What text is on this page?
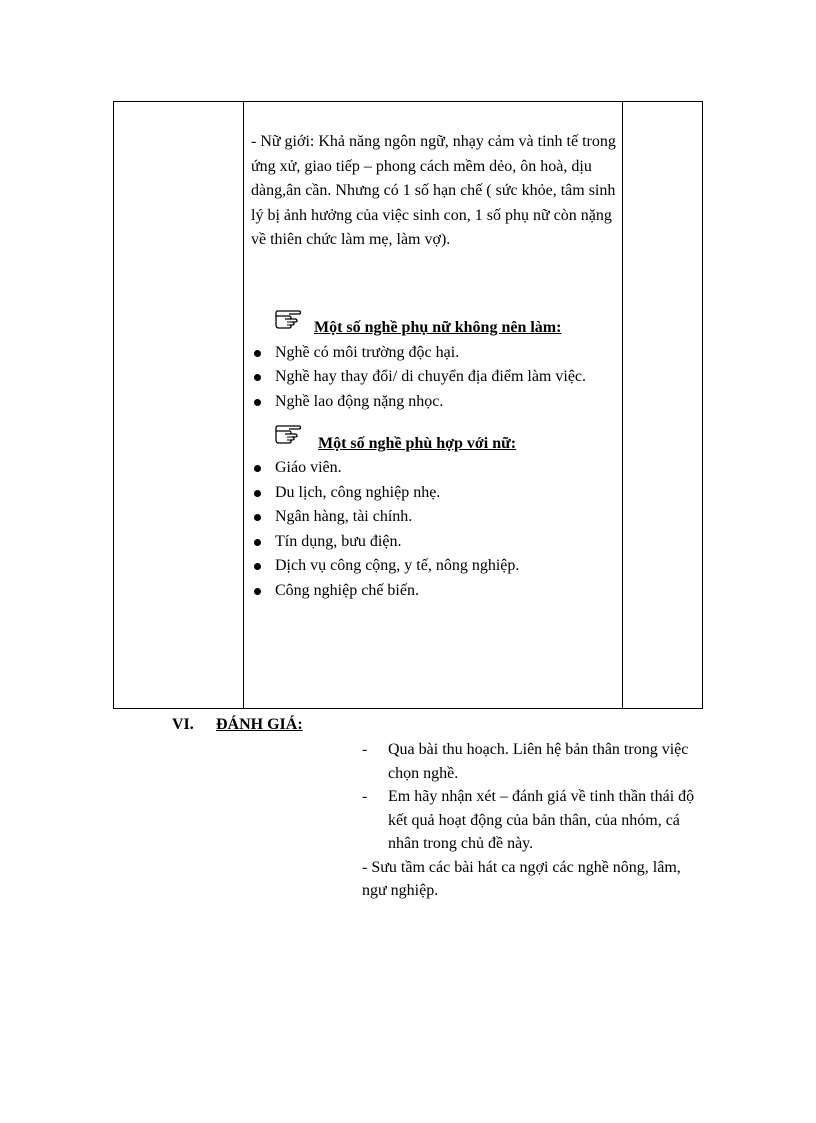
- Nữ giới: Khả năng ngôn ngữ, nhạy cảm và tinh tế trong ứng xử, giao tiếp – phong cách mềm dẻo, ôn hoà, dịu dàng,ân cần. Nhưng có 1 số hạn chế ( sức khỏe, tâm sinh lý bị ảnh hưởng của việc sinh con, 1 số phụ nữ còn nặng về thiên chức làm mẹ, làm vợ).

Một số nghề phụ nữ không nên làm:
Nghề có môi trường độc hại.
Nghề hay thay đổi/ di chuyển địa điểm làm việc.
Nghề lao động nặng nhọc.
Một số nghề phù hợp với nữ:
Giáo viên.
Du lịch, công nghiệp nhẹ.
Ngân hàng, tài chính.
Tín dụng, bưu điện.
Dịch vụ công cộng, y tế, nông nghiệp.
Công nghiệp chế biến.
VI. ĐÁNH GIÁ:
- Qua bài thu hoạch. Liên hệ bản thân trong việc chọn nghề.
- Em hãy nhận xét – đánh giá về tinh thần thái độ kết quả hoạt động của bản thân, của nhóm, cá nhân trong chủ đề này.
- Sưu tầm các bài hát ca ngợi các nghề nông, lâm, ngư nghiệp.
